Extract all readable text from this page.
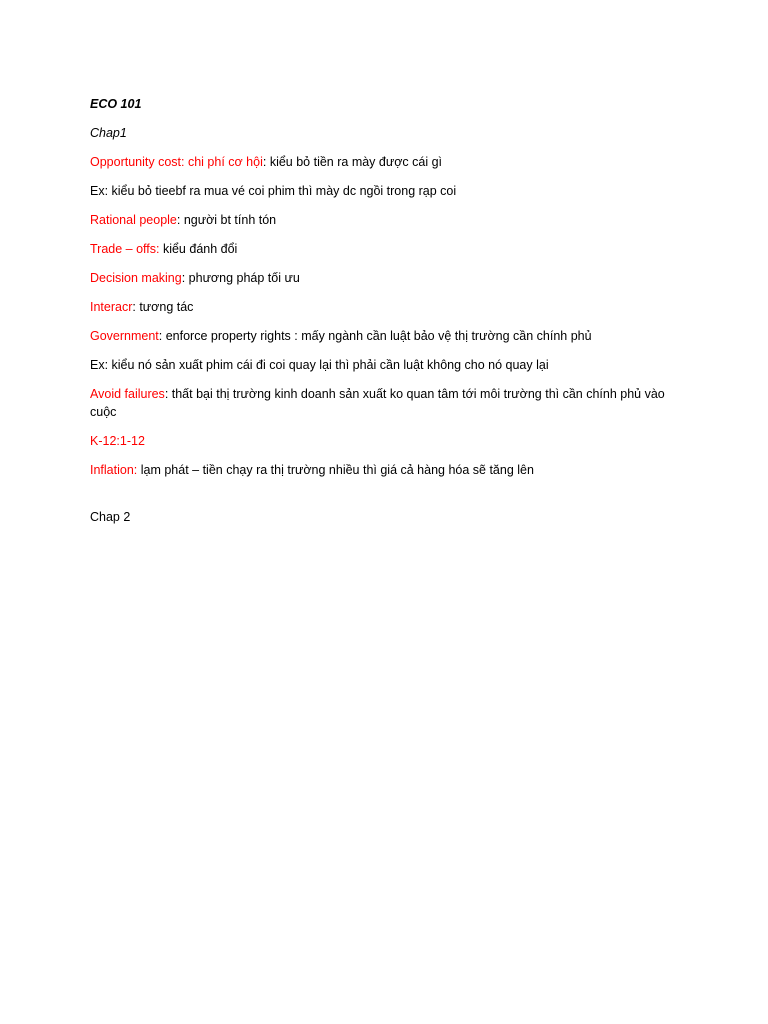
ECO 101
Chap1
Opportunity cost: chi phí cơ hội: kiểu bỏ tiền ra mày được cái gì
Ex: kiểu bỏ tieebf ra mua vé coi phim thì mày dc ngồi trong rạp coi
Rational people: người bt tính tón
Trade – offs: kiểu đánh đổi
Decision making: phương pháp tối ưu
Interacr: tương tác
Government: enforce property rights : mấy ngành cần luật bảo vệ thị trường cần chính phủ
Ex: kiểu nó sản xuất phim cái đi coi quay lại thì phải cần luật không cho nó quay lại
Avoid failures: thất bại thị trường kinh doanh sản xuất ko quan tâm tới môi trường thì cần chính phủ vào cuộc
K-12:1-12
Inflation: lạm phát – tiền chạy ra thị trường nhiều thì giá cả hàng hóa sẽ tăng lên
Chap 2
